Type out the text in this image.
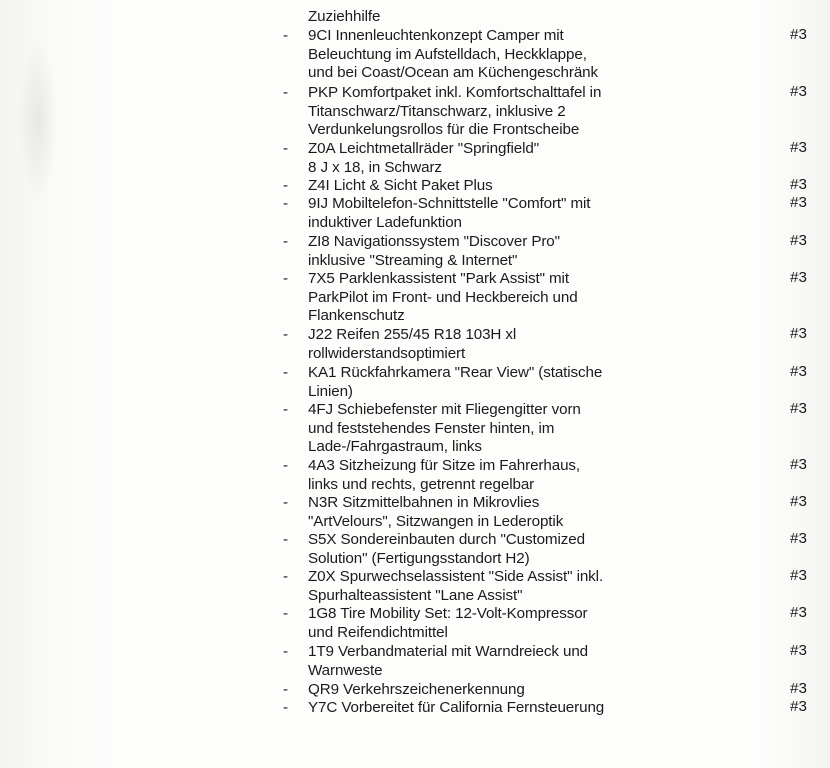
Zuziehhilfe
- 9CI Innenleuchtenkonzept Camper mit
Beleuchtung im Aufstelldach, Heckklappe,
und bei Coast/Ocean am Küchengeschränk
#3
- PKP Komfortpaket inkl. Komfortschalttafel in
Titanschwarz/Titanschwarz, inklusive 2
Verdunkelungsrollos für die Frontscheibe
#3
- Z0A Leichtmetallräder "Springfield"
8 J x 18, in Schwarz
#3
- Z4I Licht & Sicht Paket Plus	#3
- 9IJ Mobiltelefon-Schnittstelle "Comfort" mit
induktiver Ladefunktion
#3
- ZI8 Navigationssystem "Discover Pro"
inklusive "Streaming & Internet"
#3
- 7X5 Parklenkassistent "Park Assist" mit
ParkPilot im Front- und Heckbereich und
Flankenschutz
#3
- J22 Reifen 255/45 R18 103H xl
rollwiderstandsoptimiert
#3
- KA1 Rückfahrkamera "Rear View" (statische
Linien)
#3
- 4FJ Schiebefenster mit Fliegengitter vorn
und feststehendes Fenster hinten, im
Lade-/Fahrgastraum, links
#3
- 4A3 Sitzheizung für Sitze im Fahrerhaus,
links und rechts, getrennt regelbar
#3
- N3R Sitzmittelbahnen in Mikrovlies
"ArtVelours", Sitzwangen in Lederoptik
#3
- S5X Sondereinbauten durch "Customized
Solution" (Fertigungsstandort H2)
#3
- Z0X Spurwechselassistent "Side Assist" inkl.
Spurhalteassistent "Lane Assist"
#3
- 1G8 Tire Mobility Set: 12-Volt-Kompressor
und Reifendichtmittel
#3
- 1T9 Verbandmaterial mit Warndreieck und
Warnweste
#3
- QR9 Verkehrszeichenerkennung	#3
- Y7C Vorbereitet für California Fernsteuerung	#3
